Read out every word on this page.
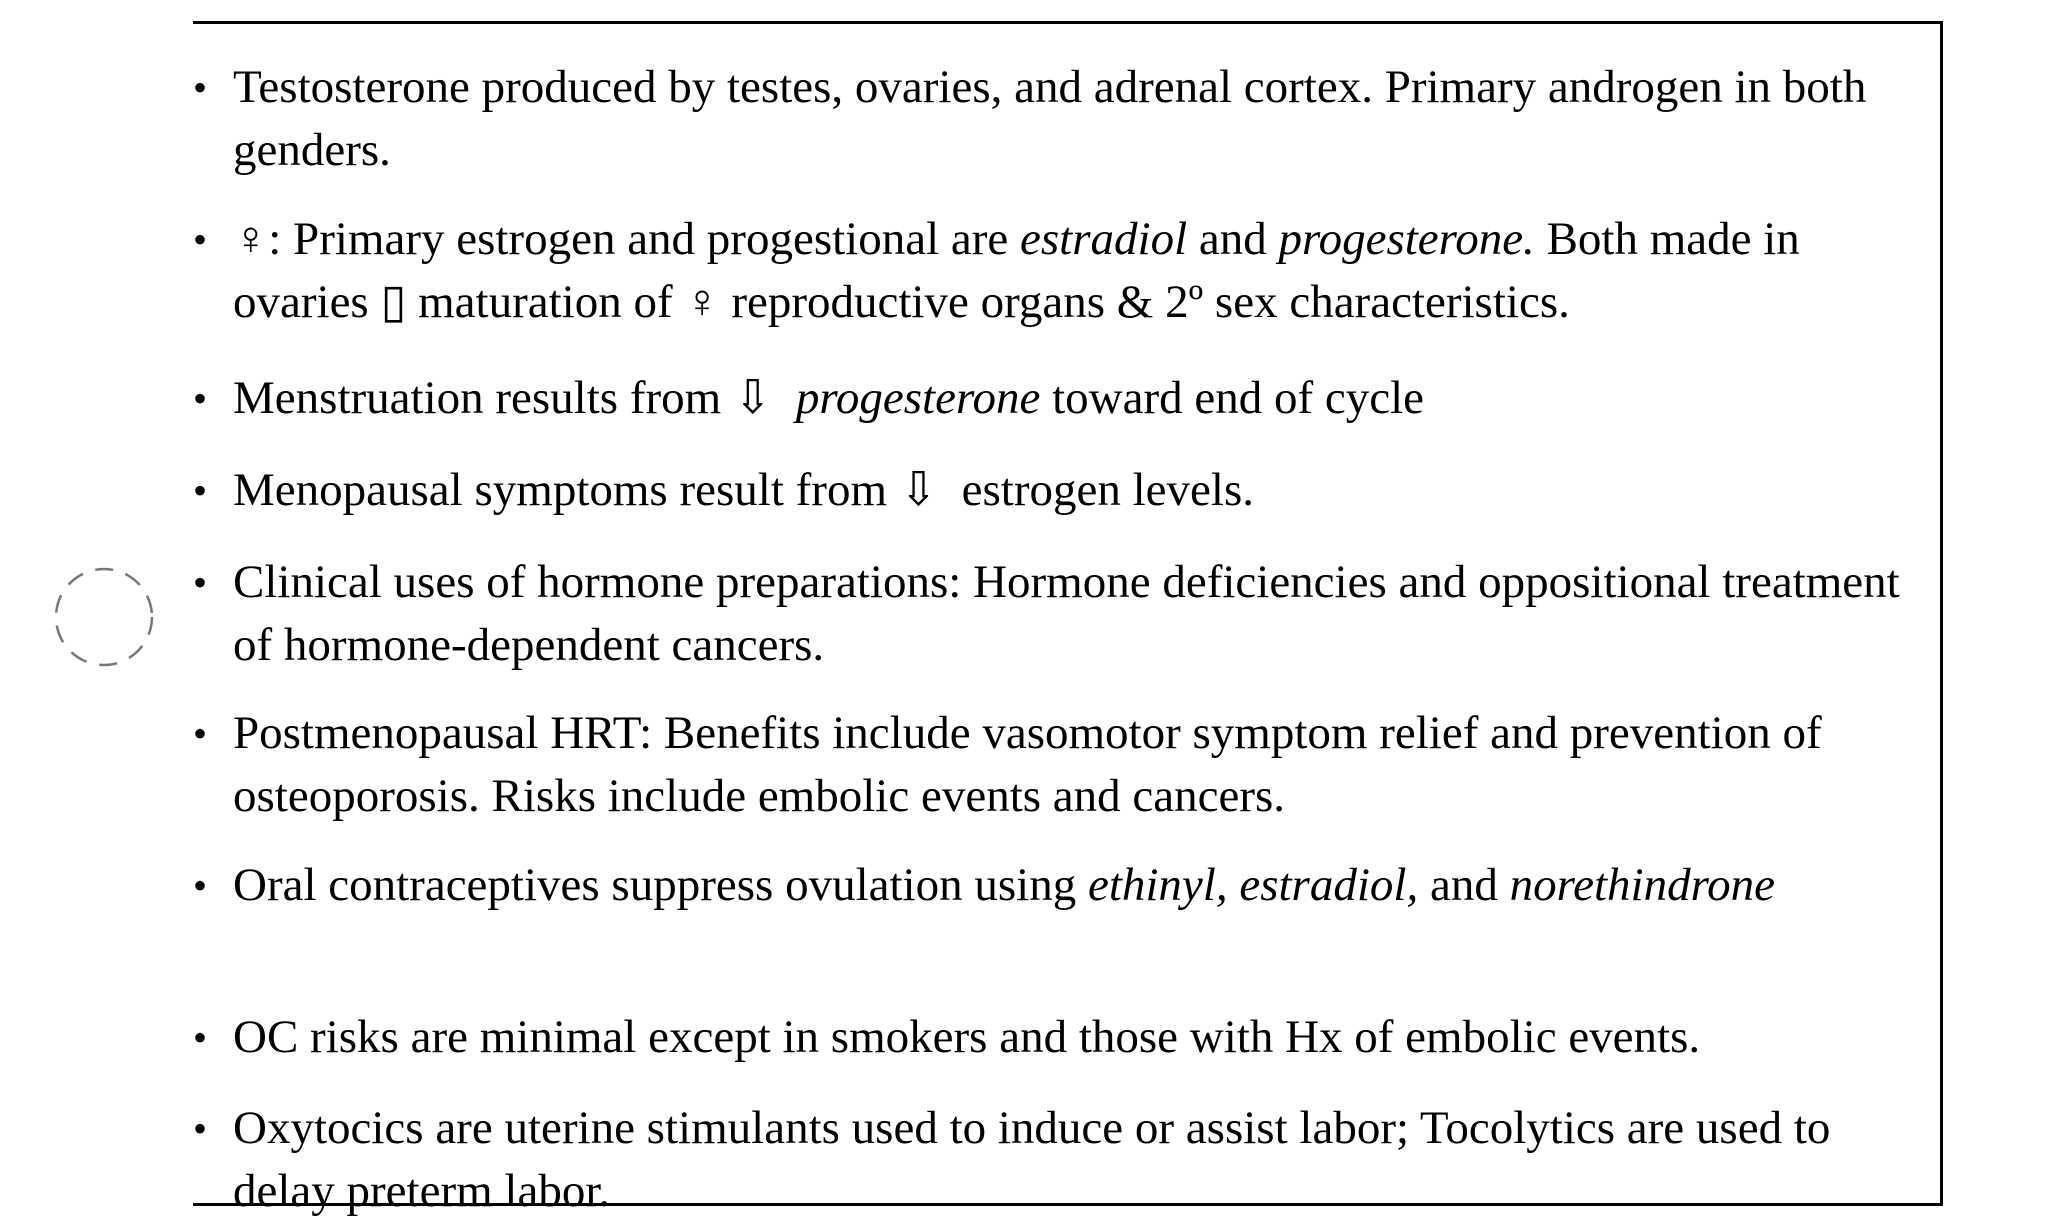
• Testosterone produced by testes, ovaries, and adrenal cortex. Primary androgen in both genders.
• ♀: Primary estrogen and progestional are estradiol and progesterone. Both made in ovaries ▯ maturation of ♀ reproductive organs & 2º sex characteristics.
• Menstruation results from ⇩  progesterone toward end of cycle
• Menopausal symptoms result from ⇩  estrogen levels.
• Clinical uses of hormone preparations: Hormone deficiencies and oppositional treatment of hormone-dependent cancers.
• Postmenopausal HRT: Benefits include vasomotor symptom relief and prevention of osteoporosis. Risks include embolic events and cancers.
• Oral contraceptives suppress ovulation using ethinyl, estradiol, and norethindrone
• OC risks are minimal except in smokers and those with Hx of embolic events.
• Oxytocics are uterine stimulants used to induce or assist labor; Tocolytics are used to delay preterm labor.
